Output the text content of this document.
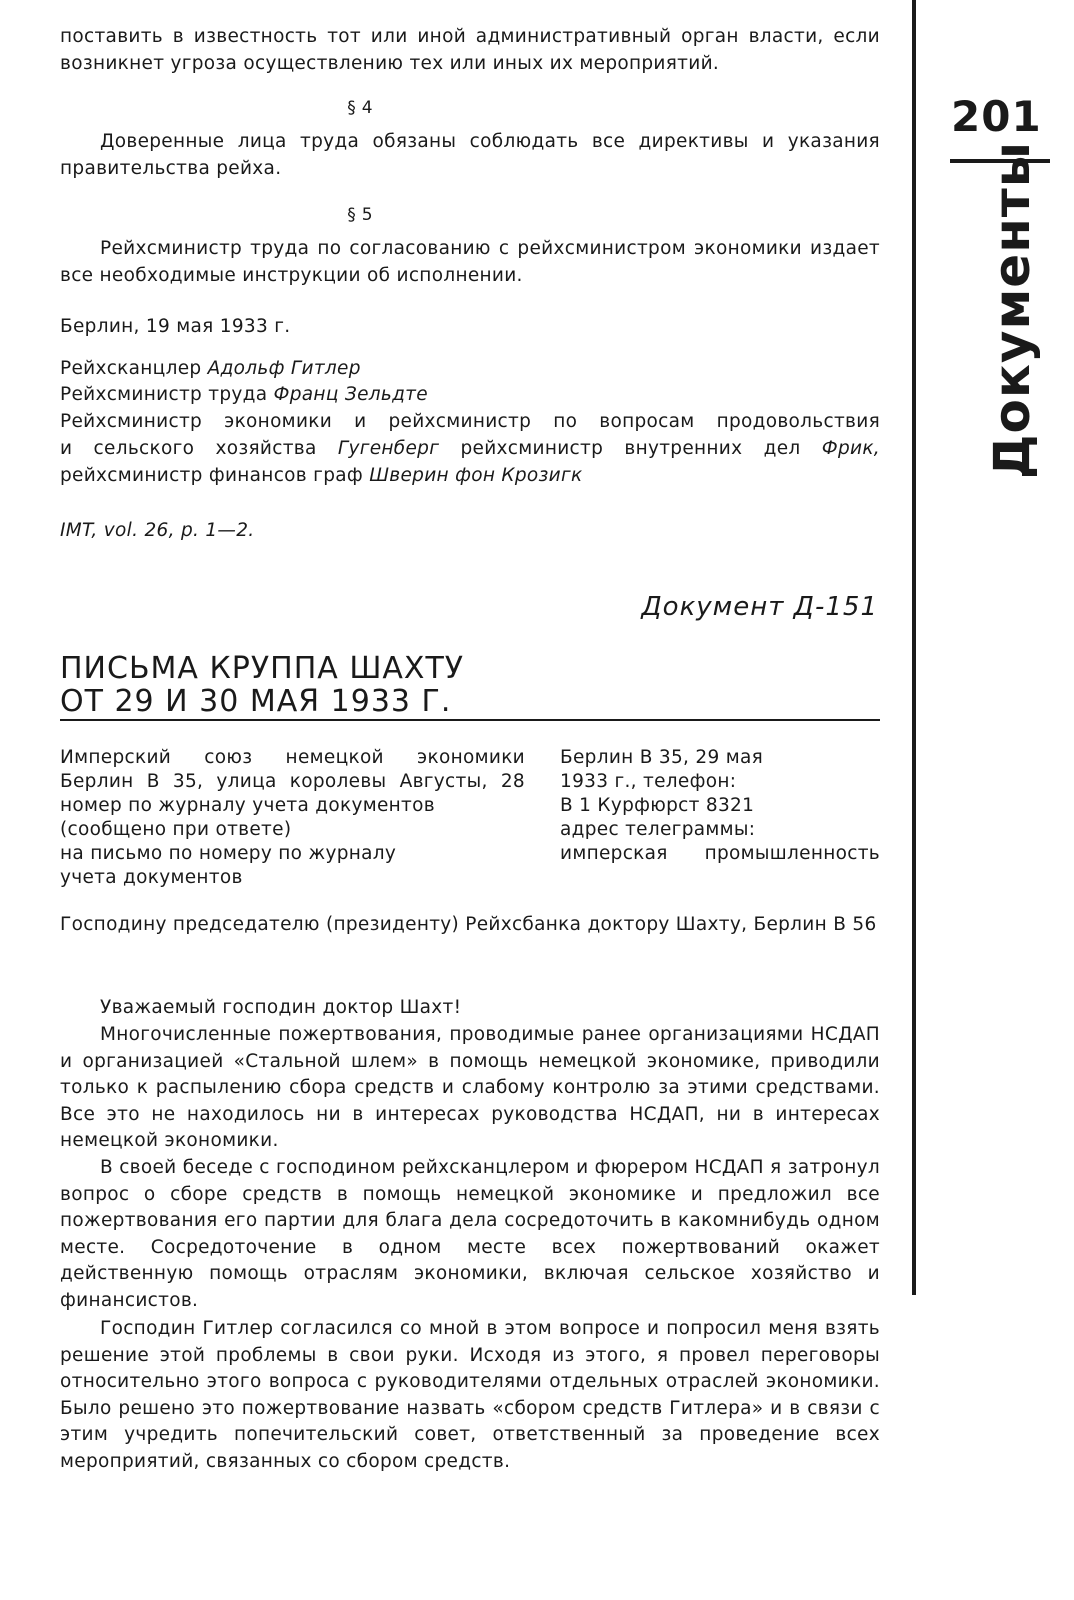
201
Документы

поставить в известность тот или иной административный орган власти, если возникнет угроза осуществлению тех или иных их мероприятий.

§ 4

Доверенные лица труда обязаны соблюдать все директивы и указания правительства рейха.

§ 5

Рейхсминистр труда по согласованию с рейхсминистром экономики издает все необходимые инструкции об исполнении.

Берлин, 19 мая 1933 г.

Рейхсканцлер Адольф Гитлер

Рейхсминистр труда Франц Зельдте

Рейхсминистр экономики и рейхсминистр по вопросам продовольствия

и сельского хозяйства Гугенберг рейхсминистр внутренних дел Фрик,

рейхсминистр финансов граф Шверин фон Крозигк

IMT, vol. 26, p. 1—2.

Документ Д-151
ПИСЬМА КРУППА ШАХТУ
ОТ 29 И 30 МАЯ 1933 Г.
Имперский союз немецкой экономики
Берлин В 35, улица королевы Августы, 28
номер по журналу учета документов
(сообщено при ответе)
на письмо по номеру по журналу
учета документов
Берлин В 35, 29 мая
1933 г., телефон:
В 1 Курфюрст 8321
адрес телеграммы:
имперская промышленность

Господину председателю (президенту) Рейхсбанка доктору Шахту, Берлин В 56

Уважаемый господин доктор Шахт!

Многочисленные пожертвования, проводимые ранее организациями НСДАП и организацией «Стальной шлем» в помощь немецкой экономике, приводили только к распылению сбора средств и слабому контролю за этими средствами. Все это не находилось ни в интересах руководства НСДАП, ни в интересах немецкой экономики.

В своей беседе с господином рейхсканцлером и фюрером НСДАП я затронул вопрос о сборе средств в помощь немецкой экономике и предложил все пожертвования его партии для блага дела сосредоточить в какомнибудь одном месте. Сосредоточение в одном месте всех пожертвований окажет действенную помощь отраслям экономики, включая сельское хозяйство и финансистов.

Господин Гитлер согласился со мной в этом вопросе и попросил меня взять решение этой проблемы в свои руки. Исходя из этого, я провел переговоры относительно этого вопроса с руководителями отдельных отраслей экономики. Было решено это пожертвование назвать «сбором средств Гитлера» и в связи с этим учредить попечительский совет, ответственный за проведение всех мероприятий, связанных со сбором средств.
